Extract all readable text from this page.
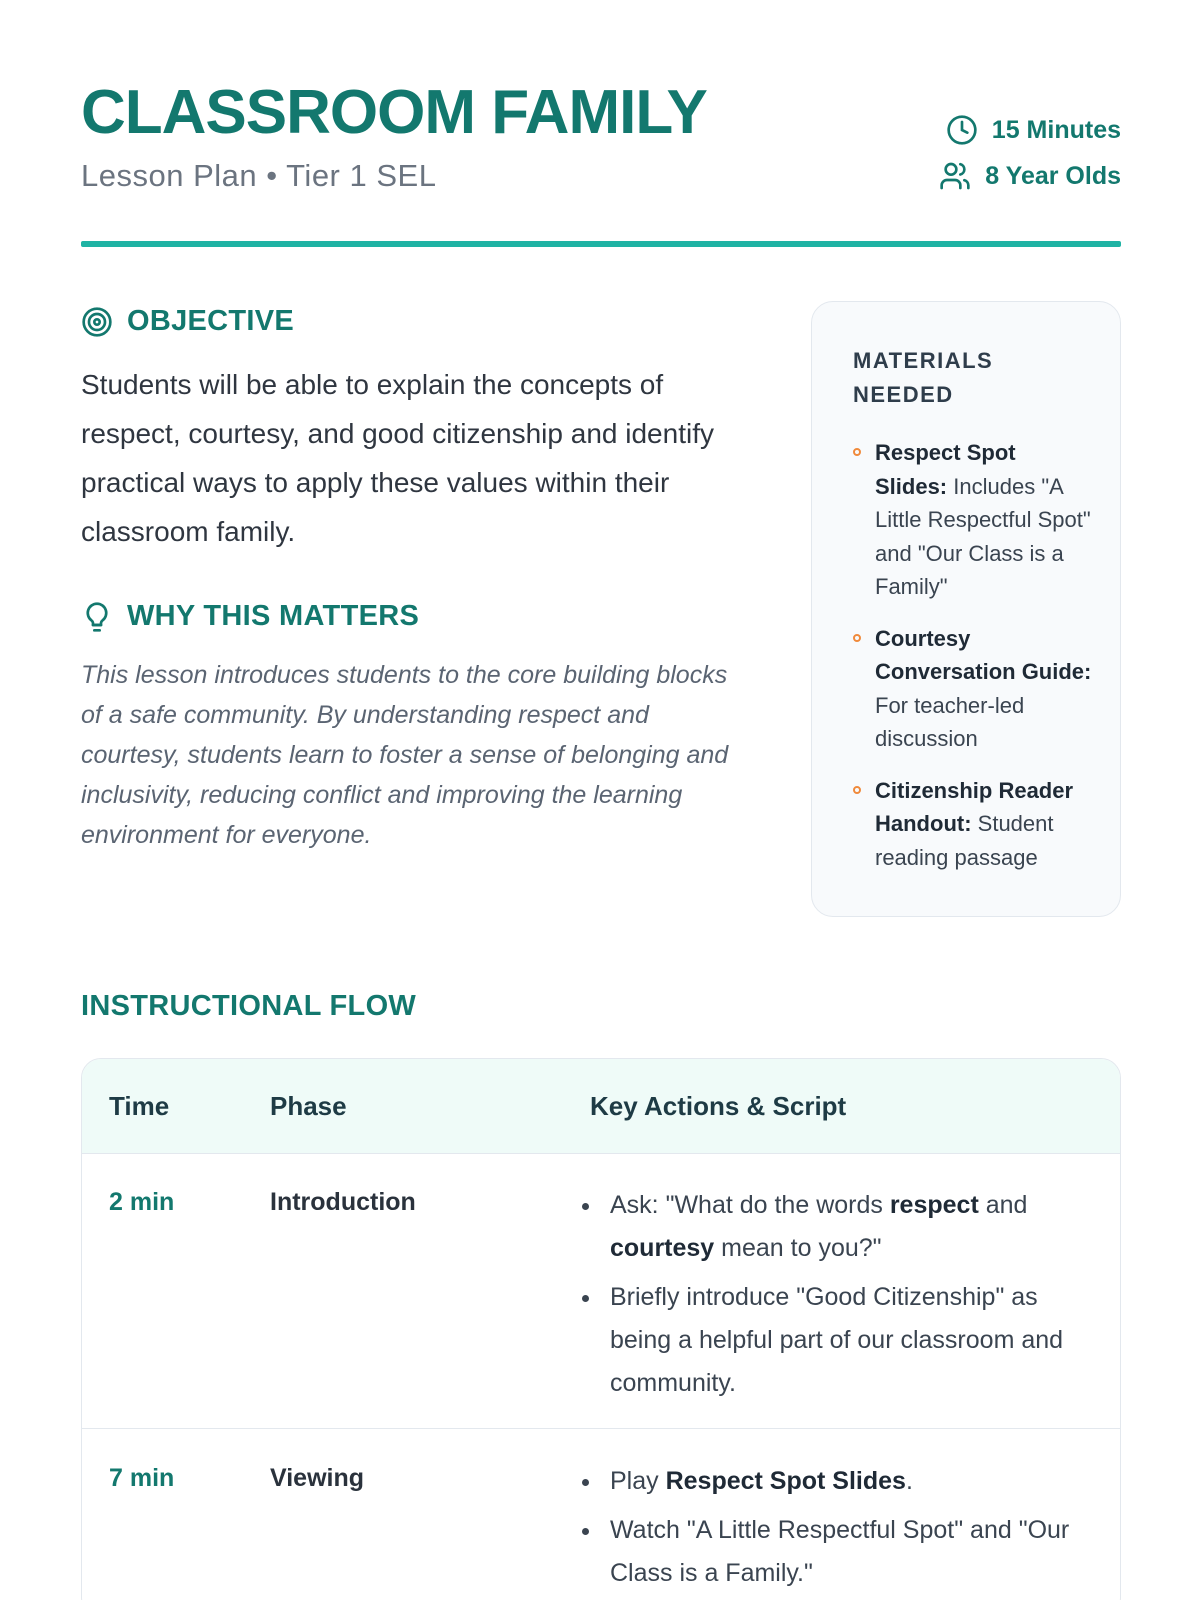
CLASSROOM FAMILY
Lesson Plan • Tier 1 SEL
15 Minutes
8 Year Olds
OBJECTIVE

Students will be able to explain the concepts of respect, courtesy, and good citizenship and identify practical ways to apply these values within their classroom family.

WHY THIS MATTERS

This lesson introduces students to the core building blocks of a safe community. By understanding respect and courtesy, students learn to foster a sense of belonging and inclusivity, reducing conflict and improving the learning environment for everyone.

MATERIALS
NEEDED
Respect Spot Slides: Includes "A Little Respectful Spot" and "Our Class is a Family"
Courtesy Conversation Guide: For teacher-led discussion
Citizenship Reader Handout: Student reading passage
INSTRUCTIONAL FLOW
Time	Phase	Key Actions & Script
2 min	Introduction	Ask: "What do the words respect and courtesy mean to you?"
Briefly introduce "Good Citizenship" as being a helpful part of our classroom and community.
7 min	Viewing	Play Respect Spot Slides.
Watch "A Little Respectful Spot" and "Our Class is a Family."
